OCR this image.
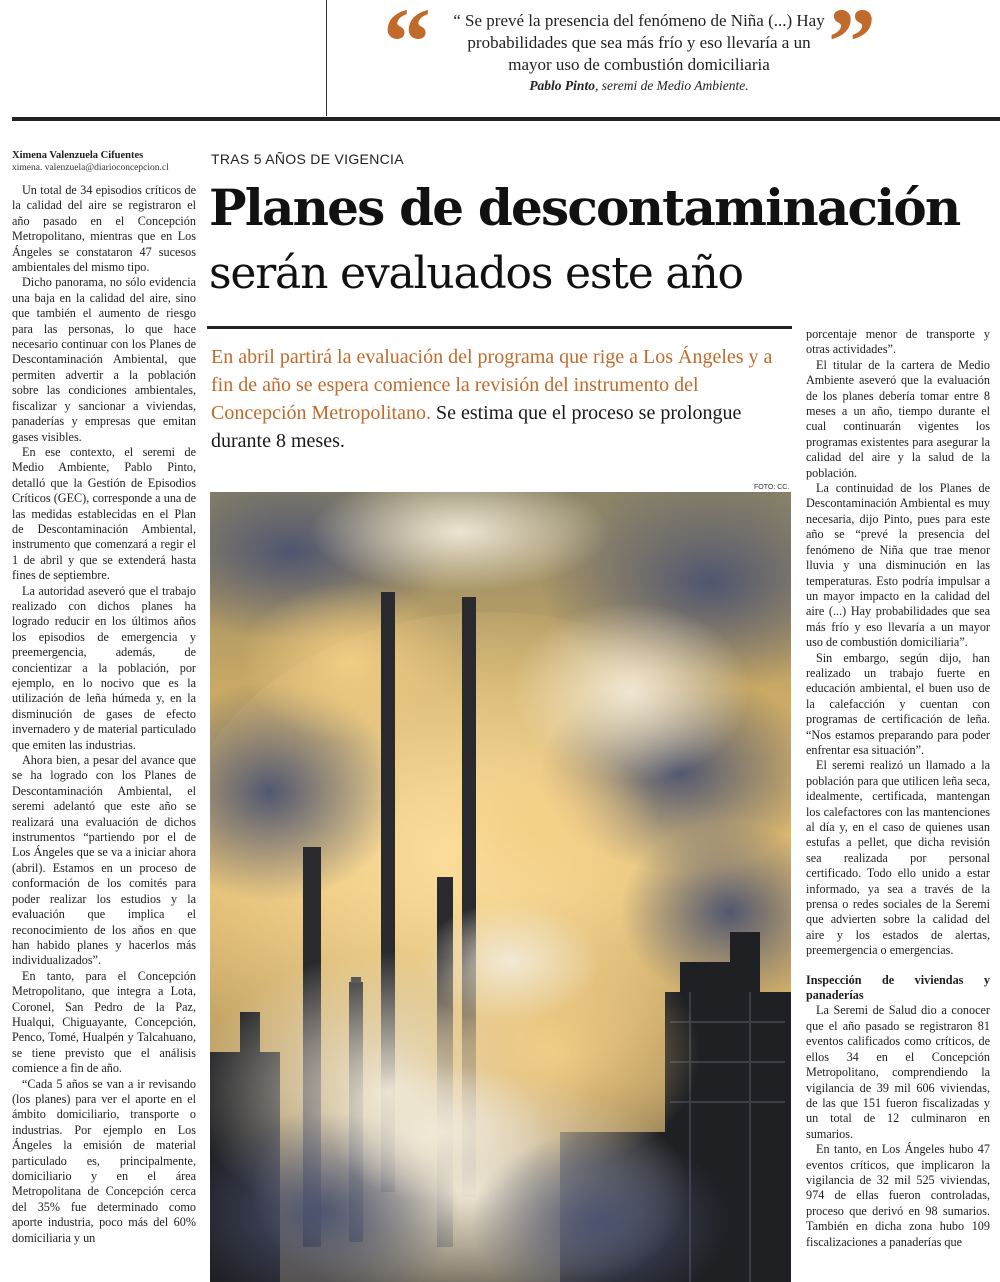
“	“ Se prevé la presencia del fenómeno de Niña (...) Hay probabilidades que sea más frío y eso llevaría a un mayor uso de combustión domiciliaria
Pablo Pinto, seremi de Medio Ambiente. ”
Ximena Valenzuela Cifuentes
ximena. valenzuela@diarioconcepcion.cl

Un total de 34 episodios críticos de la calidad del aire se registraron el año pasado en el Concepción Metropolitano, mientras que en Los Ángeles se constataron 47 sucesos ambientales del mismo tipo.

Dicho panorama, no sólo evidencia una baja en la calidad del aire, sino que también el aumento de riesgo para las personas, lo que hace necesario continuar con los Planes de Descontaminación Ambiental, que permiten advertir a la población sobre las condiciones ambientales, fiscalizar y sancionar a viviendas, panaderías y empresas que emitan gases visibles.

En ese contexto, el seremi de Medio Ambiente, Pablo Pinto, detalló que la Gestión de Episodios Críticos (GEC), corresponde a una de las medidas establecidas en el Plan de Descontaminación Ambiental, instrumento que comenzará a regir el 1 de abril y que se extenderá hasta fines de septiembre.

La autoridad aseveró que el trabajo realizado con dichos planes ha logrado reducir en los últimos años los episodios de emergencia y preemergencia, además, de concientizar a la población, por ejemplo, en lo nocivo que es la utilización de leña húmeda y, en la disminución de gases de efecto invernadero y de material particulado que emiten las industrias.

Ahora bien, a pesar del avance que se ha logrado con los Planes de Descontaminación Ambiental, el seremi adelantó que este año se realizará una evaluación de dichos instrumentos “partiendo por el de Los Ángeles que se va a iniciar ahora (abril). Estamos en un proceso de conformación de los comités para poder realizar los estudios y la evaluación que implica el reconocimiento de los años en que han habido planes y hacerlos más individualizados”.

En tanto, para el Concepción Metropolitano, que integra a Lota, Coronel, San Pedro de la Paz, Hualqui, Chiguayante, Concepción, Penco, Tomé, Hualpén y Talcahuano, se tiene previsto que el análisis comience a fin de año.

“Cada 5 años se van a ir revisando (los planes) para ver el aporte en el ámbito domiciliario, transporte o industrias. Por ejemplo en Los Ángeles la emisión de material particulado es, principalmente, domiciliario y en el área Metropolitana de Concepción cerca del 35% fue determinado como aporte industria, poco más del 60% domiciliaria y un

TRAS 5 AÑOS DE VIGENCIA
Planes de descontaminación
serán evaluados este año
En abril partirá la evaluación del programa que rige a Los Ángeles y a fin de año se espera comience la revisión del instrumento del Concepción Metropolitano. Se estima que el proceso se prolongue durante 8 meses.
FOTO: CC.

porcentaje menor de transporte y otras actividades”.

El titular de la cartera de Medio Ambiente aseveró que la evaluación de los planes debería tomar entre 8 meses a un año, tiempo durante el cual continuarán vigentes los programas existentes para asegurar la calidad del aire y la salud de la población.

La continuidad de los Planes de Descontaminación Ambiental es muy necesaria, dijo Pinto, pues para este año se “prevé la presencia del fenómeno de Niña que trae menor lluvia y una disminución en las temperaturas. Esto podría impulsar a un mayor impacto en la calidad del aire (...) Hay probabilidades que sea más frío y eso llevaría a un mayor uso de combustión domiciliaria”.

Sin embargo, según dijo, han realizado un trabajo fuerte en educación ambiental, el buen uso de la calefacción y cuentan con programas de certificación de leña. “Nos estamos preparando para poder enfrentar esa situación”.

El seremi realizó un llamado a la población para que utilicen leña seca, idealmente, certificada, mantengan los calefactores con las mantenciones al día y, en el caso de quienes usan estufas a pellet, que dicha revisión sea realizada por personal certificado. Todo ello unido a estar informado, ya sea a través de la prensa o redes sociales de la Seremi que advierten sobre la calidad del aire y los estados de alertas, preemergencia o emergencias.

Inspección de viviendas y panaderías

La Seremi de Salud dio a conocer que el año pasado se registraron 81 eventos calificados como críticos, de ellos 34 en el Concepción Metropolitano, comprendiendo la vigilancia de 39 mil 606 viviendas, de las que 151 fueron fiscalizadas y un total de 12 culminaron en sumarios.

En tanto, en Los Ángeles hubo 47 eventos críticos, que implicaron la vigilancia de 32 mil 525 viviendas, 974 de ellas fueron controladas, proceso que derivó en 98 sumarios. También en dicha zona hubo 109 fiscalizaciones a panaderías que
